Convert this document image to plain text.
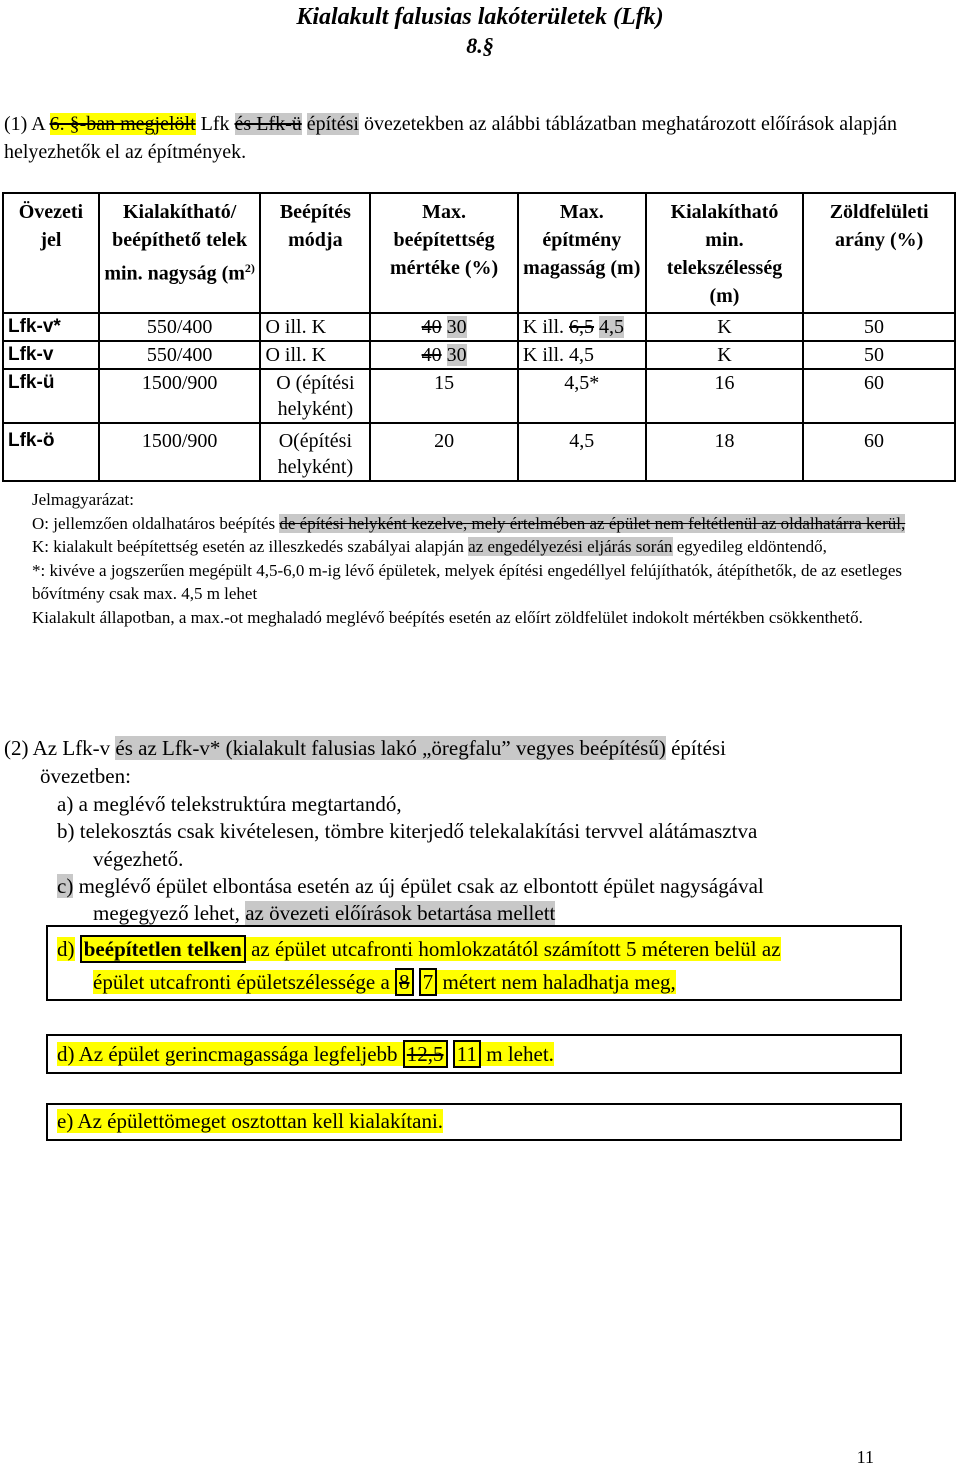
Kialakult falusias lakóterületek (Lfk)
8.§
(1) A 6. §-ban megjelölt Lfk és Lfk-ü építési övezetekben az alábbi táblázatban meghatározott előírások alapján helyezhetők el az építmények.
Övezeti jel	Kialakítható/ beépíthető telek min. nagyság ($m^{2)}$	Beépítés módja	Max. beépítettség mértéke (%)	Max. építmény magasság (m)	Kialakítható min. telekszélesség (m)	Zöldfelületi arány (%)
Lfk-v*	550/400	O ill. K	40 30	K ill. 6,5 4,5	K	50
Lfk-v	550/400	O ill. K	40 30	K ill. 4,5	K	50
Lfk-ü	1500/900	O (építési helyként)	15	4,5*	16	60
Lfk-ö	1500/900	O(építési helyként)	20	4,5	18	60
Jelmagyarázat:
O: jellemzően oldalhatáros beépítés de építési helyként kezelve, mely értelmében az épület nem feltétlenül az oldalhatárra kerül,
K: kialakult beépítettség esetén az illeszkedés szabályai alapján az engedélyezési eljárás során egyedileg eldöntendő,
*: kivéve a jogszerűen megépült 4,5-6,0 m-ig lévő épületek, melyek építési engedéllyel felújíthatók, átépíthetők, de az esetleges bővítmény csak max. 4,5 m lehet
Kialakult állapotban, a max.-ot meghaladó meglévő beépítés esetén az előírt zöldfelület indokolt mértékben csökkenthető.
(2) Az Lfk-v és az Lfk-v* (kialakult falusias lakó „öregfalu” vegyes beépítésű) építési
övezetben:
a) a meglévő telekstruktúra megtartandó,
b) telekosztás csak kivételesen, tömbre kiterjedő telekalakítási tervvel alátámasztva
végezhető.
c) meglévő épület elbontása esetén az új épület csak az elbontott épület nagyságával
megegyező lehet, az övezeti előírások betartása mellett
d) beépítetlen telken az épület utcafronti homlokzatától számított 5 méteren belül az
épület utcafronti épületszélessége a 8 7 métert nem haladhatja meg,
d) Az épület gerincmagassága legfeljebb 12,5 11 m lehet.
e) Az épülettömeget osztottan kell kialakítani.
11
